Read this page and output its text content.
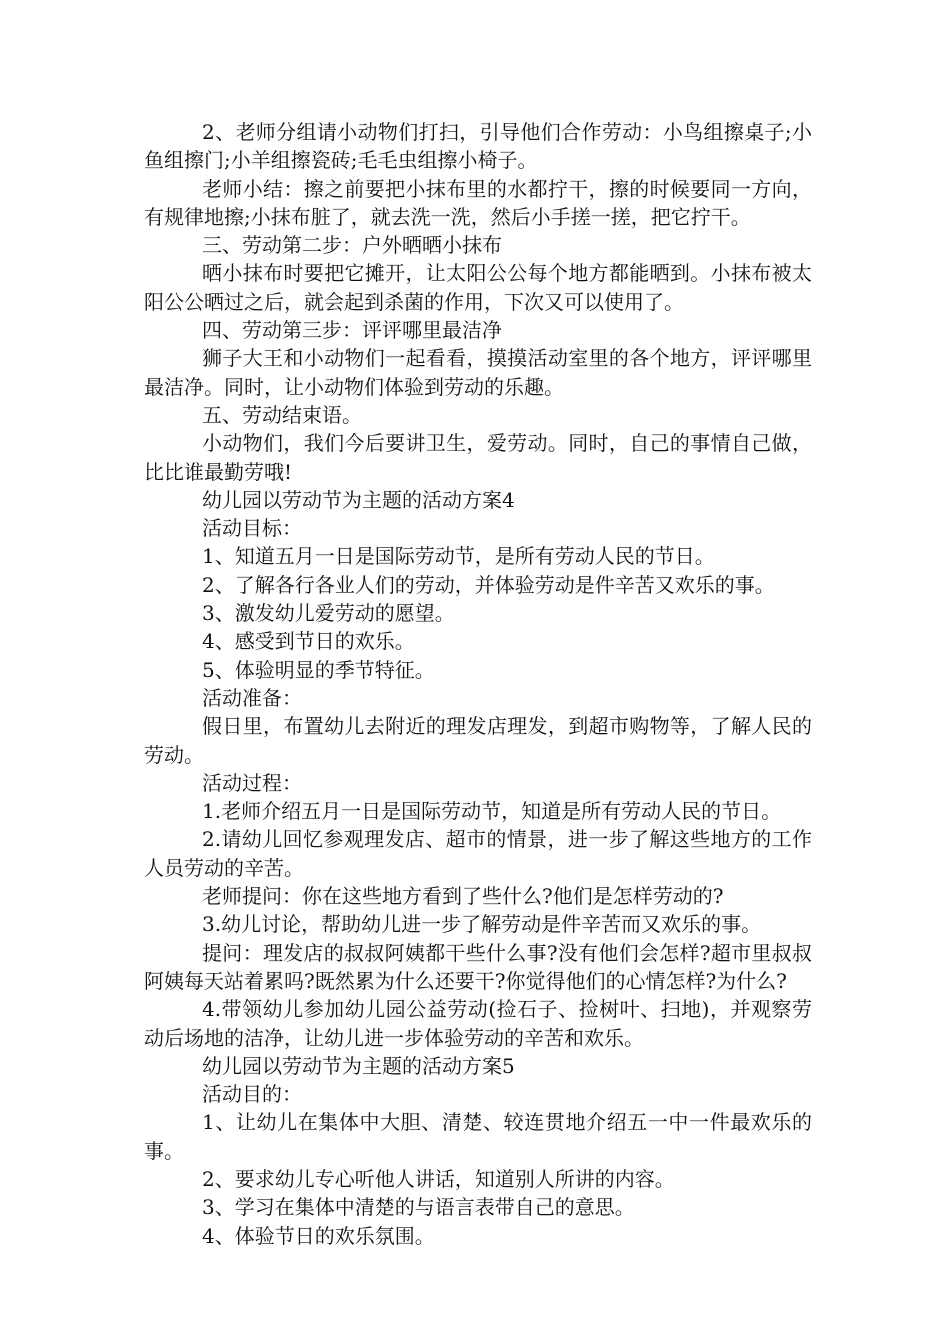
2、老师分组请小动物们打扫，引导他们合作劳动：小鸟组擦桌子;小鱼组擦门;小羊组擦瓷砖;毛毛虫组擦小椅子。

老师小结：擦之前要把小抹布里的水都拧干，擦的时候要同一方向，有规律地擦;小抹布脏了，就去洗一洗，然后小手搓一搓，把它拧干。

三、劳动第二步：户外晒晒小抹布

晒小抹布时要把它摊开，让太阳公公每个地方都能晒到。小抹布被太阳公公晒过之后，就会起到杀菌的作用，下次又可以使用了。

四、劳动第三步：评评哪里最洁净

狮子大王和小动物们一起看看，摸摸活动室里的各个地方，评评哪里最洁净。同时，让小动物们体验到劳动的乐趣。

五、劳动结束语。

小动物们，我们今后要讲卫生，爱劳动。同时，自己的事情自己做，比比谁最勤劳哦!

幼儿园以劳动节为主题的活动方案4

活动目标：

1、知道五月一日是国际劳动节，是所有劳动人民的节日。

2、了解各行各业人们的劳动，并体验劳动是件辛苦又欢乐的事。

3、激发幼儿爱劳动的愿望。

4、感受到节日的欢乐。

5、体验明显的季节特征。

活动准备：

假日里，布置幼儿去附近的理发店理发，到超市购物等，了解人民的劳动。

活动过程：

1.老师介绍五月一日是国际劳动节，知道是所有劳动人民的节日。

2.请幼儿回忆参观理发店、超市的情景，进一步了解这些地方的工作人员劳动的辛苦。

老师提问：你在这些地方看到了些什么?他们是怎样劳动的?

3.幼儿讨论，帮助幼儿进一步了解劳动是件辛苦而又欢乐的事。

提问：理发店的叔叔阿姨都干些什么事?没有他们会怎样?超市里叔叔阿姨每天站着累吗?既然累为什么还要干?你觉得他们的心情怎样?为什么?

4.带领幼儿参加幼儿园公益劳动(捡石子、捡树叶、扫地)，并观察劳动后场地的洁净，让幼儿进一步体验劳动的辛苦和欢乐。

幼儿园以劳动节为主题的活动方案5

活动目的：

1、让幼儿在集体中大胆、清楚、较连贯地介绍五一中一件最欢乐的事。

2、要求幼儿专心听他人讲话，知道别人所讲的内容。

3、学习在集体中清楚的与语言表带自己的意思。

4、体验节日的欢乐氛围。
